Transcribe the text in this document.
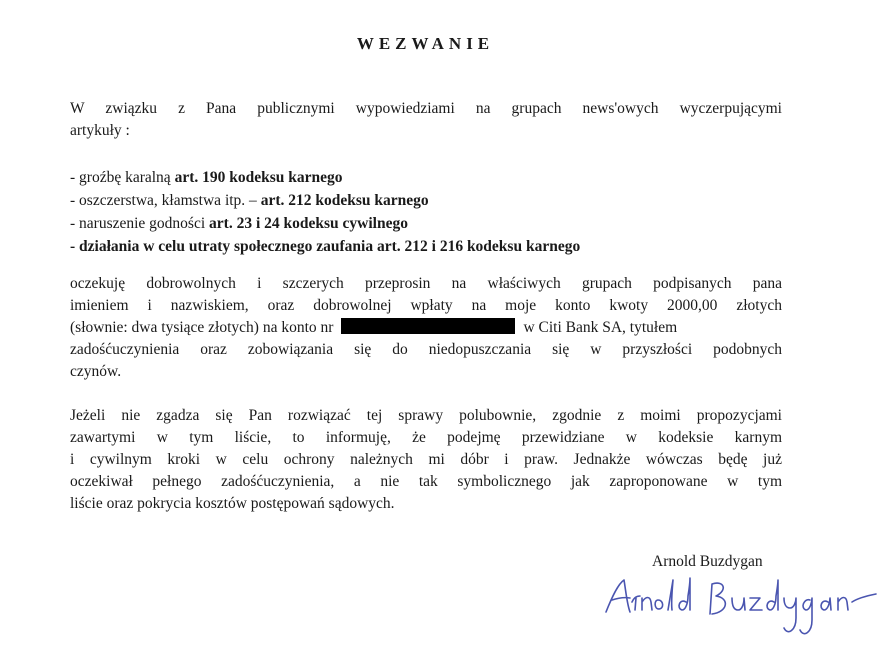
WEZWANIE
W związku z Pana publicznymi wypowiedziami na grupach news'owych wyczerpującymi
artykuły :
- groźbę karalną art. 190 kodeksu karnego
- oszczerstwa, kłamstwa itp. – art. 212 kodeksu karnego
- naruszenie godności art. 23 i 24 kodeksu cywilnego
- działania w celu utraty społecznego zaufania art. 212 i 216 kodeksu karnego
oczekuję dobrowolnych i szczerych przeprosin na właściwych grupach podpisanych pana
imieniem i nazwiskiem, oraz dobrowolnej wpłaty na moje konto kwoty 2000,00 złotych
(słownie: dwa tysiące złotych) na konto nr	w Citi Bank SA, tytułem
zadośćuczynienia oraz zobowiązania się do niedopuszczania się w przyszłości podobnych
czynów.
Jeżeli nie zgadza się Pan rozwiązać tej sprawy polubownie, zgodnie z moimi propozycjami
zawartymi w tym liście, to informuję, że podejmę przewidziane w kodeksie karnym
i cywilnym kroki w celu ochrony należnych mi dóbr i praw. Jednakże wówczas będę już
oczekiwał pełnego zadośćuczynienia, a nie tak symbolicznego jak zaproponowane w tym
liście oraz pokrycia kosztów postępowań sądowych.
Arnold Buzdygan
